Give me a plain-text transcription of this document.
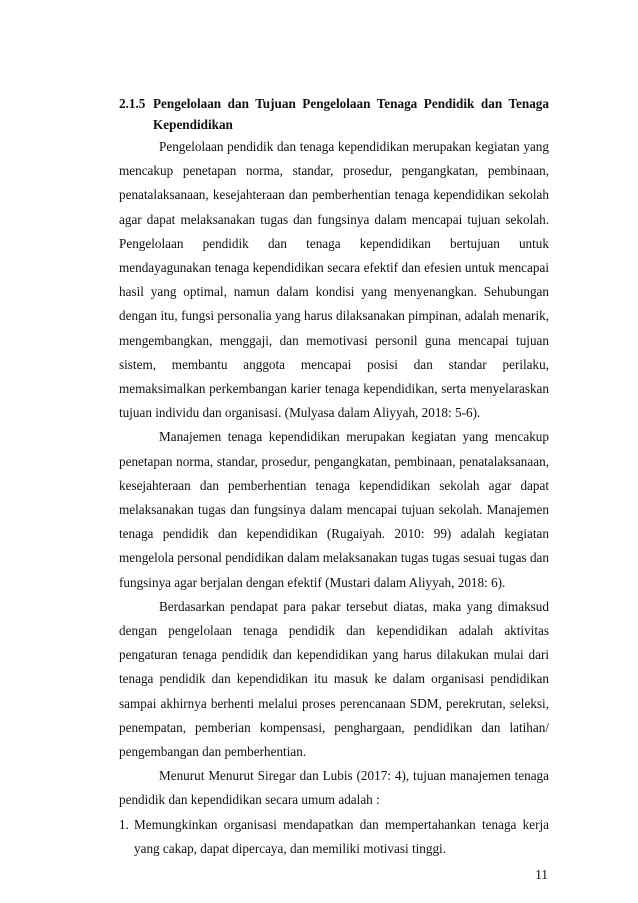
2.1.5 Pengelolaan dan Tujuan Pengelolaan Tenaga Pendidik dan Tenaga
Kependidikan

Pengelolaan pendidik dan tenaga kependidikan merupakan kegiatan yang mencakup penetapan norma, standar, prosedur, pengangkatan, pembinaan, penatalaksanaan, kesejahteraan dan pemberhentian tenaga kependidikan sekolah agar dapat melaksanakan tugas dan fungsinya dalam mencapai tujuan sekolah. Pengelolaan pendidik dan tenaga kependidikan bertujuan untuk mendayagunakan tenaga kependidikan secara efektif dan efesien untuk mencapai hasil yang optimal, namun dalam kondisi yang menyenangkan. Sehubungan dengan itu, fungsi personalia yang harus dilaksanakan pimpinan, adalah menarik, mengembangkan, menggaji, dan memotivasi personil guna mencapai tujuan sistem, membantu anggota mencapai posisi dan standar perilaku, memaksimalkan perkembangan karier tenaga kependidikan, serta menyelaraskan tujuan individu dan organisasi. (Mulyasa dalam Aliyyah, 2018: 5-6).

Manajemen tenaga kependidikan merupakan kegiatan yang mencakup penetapan norma, standar, prosedur, pengangkatan, pembinaan, penatalaksanaan, kesejahteraan dan pemberhentian tenaga kependidikan sekolah agar dapat melaksanakan tugas dan fungsinya dalam mencapai tujuan sekolah. Manajemen tenaga pendidik dan kependidikan (Rugaiyah. 2010: 99) adalah kegiatan mengelola personal pendidikan dalam melaksanakan tugas tugas sesuai tugas dan fungsinya agar berjalan dengan efektif (Mustari dalam Aliyyah, 2018: 6).

Berdasarkan pendapat para pakar tersebut diatas, maka yang dimaksud dengan pengelolaan tenaga pendidik dan kependidikan adalah aktivitas pengaturan tenaga pendidik dan kependidikan yang harus dilakukan mulai dari tenaga pendidik dan kependidikan itu masuk ke dalam organisasi pendidikan sampai akhirnya berhenti melalui proses perencanaan SDM, perekrutan, seleksi, penempatan, pemberian kompensasi, penghargaan, pendidikan dan latihan/ pengembangan dan pemberhentian.

Menurut Menurut Siregar dan Lubis (2017: 4), tujuan manajemen tenaga pendidik dan kependidikan secara umum adalah :

1. Memungkinkan organisasi mendapatkan dan mempertahankan tenaga kerja yang cakap, dapat dipercaya, dan memiliki motivasi tinggi.
11
